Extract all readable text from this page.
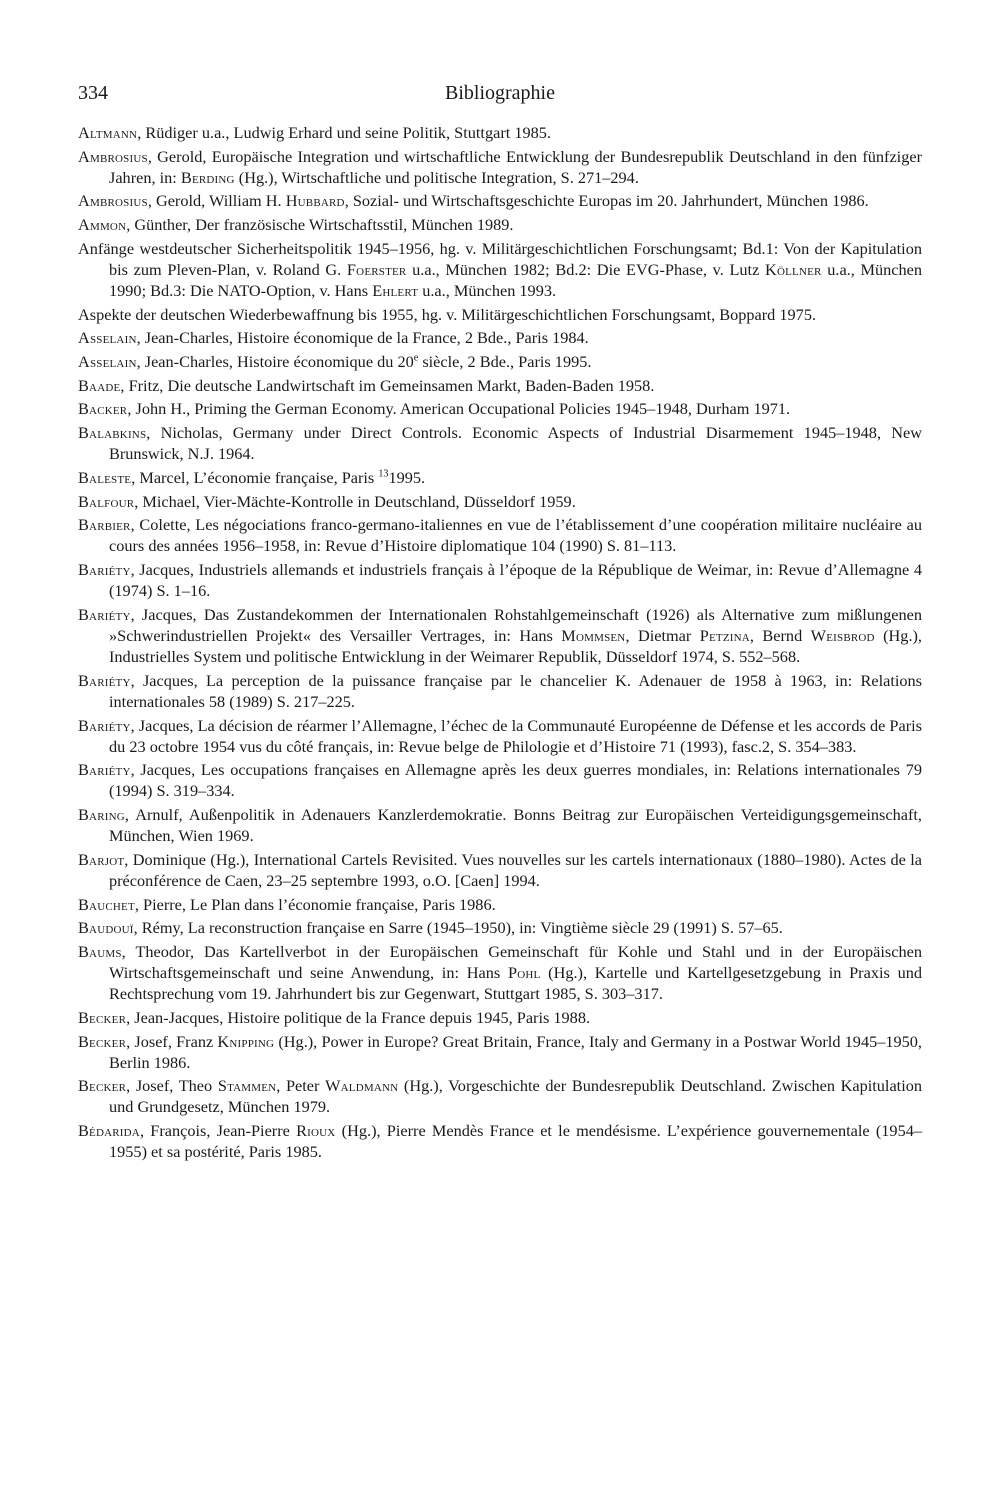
334	Bibliographie
Altmann, Rüdiger u.a., Ludwig Erhard und seine Politik, Stuttgart 1985.
Ambrosius, Gerold, Europäische Integration und wirtschaftliche Entwicklung der Bundesrepublik Deutschland in den fünfziger Jahren, in: Berding (Hg.), Wirtschaftliche und politische Integration, S. 271–294.
Ambrosius, Gerold, William H. Hubbard, Sozial- und Wirtschaftsgeschichte Europas im 20. Jahrhundert, München 1986.
Ammon, Günther, Der französische Wirtschaftsstil, München 1989.
Anfänge westdeutscher Sicherheitspolitik 1945–1956, hg. v. Militärgeschichtlichen Forschungsamt; Bd.1: Von der Kapitulation bis zum Pleven-Plan, v. Roland G. Foerster u.a., München 1982; Bd.2: Die EVG-Phase, v. Lutz Köllner u.a., München 1990; Bd.3: Die NATO-Option, v. Hans Ehlert u.a., München 1993.
Aspekte der deutschen Wiederbewaffnung bis 1955, hg. v. Militärgeschichtlichen Forschungsamt, Boppard 1975.
Asselain, Jean-Charles, Histoire économique de la France, 2 Bde., Paris 1984.
Asselain, Jean-Charles, Histoire économique du 20e siècle, 2 Bde., Paris 1995.
Baade, Fritz, Die deutsche Landwirtschaft im Gemeinsamen Markt, Baden-Baden 1958.
Backer, John H., Priming the German Economy. American Occupational Policies 1945–1948, Durham 1971.
Balabkins, Nicholas, Germany under Direct Controls. Economic Aspects of Industrial Disarmement 1945–1948, New Brunswick, N.J. 1964.
Baleste, Marcel, L’économie française, Paris $^{13}$1995.
Balfour, Michael, Vier-Mächte-Kontrolle in Deutschland, Düsseldorf 1959.
Barbier, Colette, Les négociations franco-germano-italiennes en vue de l’établissement d’une coopération militaire nucléaire au cours des années 1956–1958, in: Revue d’Histoire diplomatique 104 (1990) S. 81–113.
Bariéty, Jacques, Industriels allemands et industriels français à l’époque de la République de Weimar, in: Revue d’Allemagne 4 (1974) S. 1–16.
Bariéty, Jacques, Das Zustandekommen der Internationalen Rohstahlgemeinschaft (1926) als Alternative zum mißlungenen »Schwerindustriellen Projekt« des Versailler Vertrages, in: Hans Mommsen, Dietmar Petzina, Bernd Weisbrod (Hg.), Industrielles System und politische Entwicklung in der Weimarer Republik, Düsseldorf 1974, S. 552–568.
Bariéty, Jacques, La perception de la puissance française par le chancelier K. Adenauer de 1958 à 1963, in: Relations internationales 58 (1989) S. 217–225.
Bariéty, Jacques, La décision de réarmer l’Allemagne, l’échec de la Communauté Européenne de Défense et les accords de Paris du 23 octobre 1954 vus du côté français, in: Revue belge de Philologie et d’Histoire 71 (1993), fasc.2, S. 354–383.
Bariéty, Jacques, Les occupations françaises en Allemagne après les deux guerres mondiales, in: Relations internationales 79 (1994) S. 319–334.
Baring, Arnulf, Außenpolitik in Adenauers Kanzlerdemokratie. Bonns Beitrag zur Europäischen Verteidigungsgemeinschaft, München, Wien 1969.
Barjot, Dominique (Hg.), International Cartels Revisited. Vues nouvelles sur les cartels internationaux (1880–1980). Actes de la préconférence de Caen, 23–25 septembre 1993, o.O. [Caen] 1994.
Bauchet, Pierre, Le Plan dans l’économie française, Paris 1986.
Baudouï, Rémy, La reconstruction française en Sarre (1945–1950), in: Vingtième siècle 29 (1991) S. 57–65.
Baums, Theodor, Das Kartellverbot in der Europäischen Gemeinschaft für Kohle und Stahl und in der Europäischen Wirtschaftsgemeinschaft und seine Anwendung, in: Hans Pohl (Hg.), Kartelle und Kartellgesetzgebung in Praxis und Rechtsprechung vom 19. Jahrhundert bis zur Gegenwart, Stuttgart 1985, S. 303–317.
Becker, Jean-Jacques, Histoire politique de la France depuis 1945, Paris 1988.
Becker, Josef, Franz Knipping (Hg.), Power in Europe? Great Britain, France, Italy and Germany in a Postwar World 1945–1950, Berlin 1986.
Becker, Josef, Theo Stammen, Peter Waldmann (Hg.), Vorgeschichte der Bundesrepublik Deutschland. Zwischen Kapitulation und Grundgesetz, München 1979.
Bédarida, François, Jean-Pierre Rioux (Hg.), Pierre Mendès France et le mendésisme. L’expérience gouvernementale (1954–1955) et sa postérité, Paris 1985.
